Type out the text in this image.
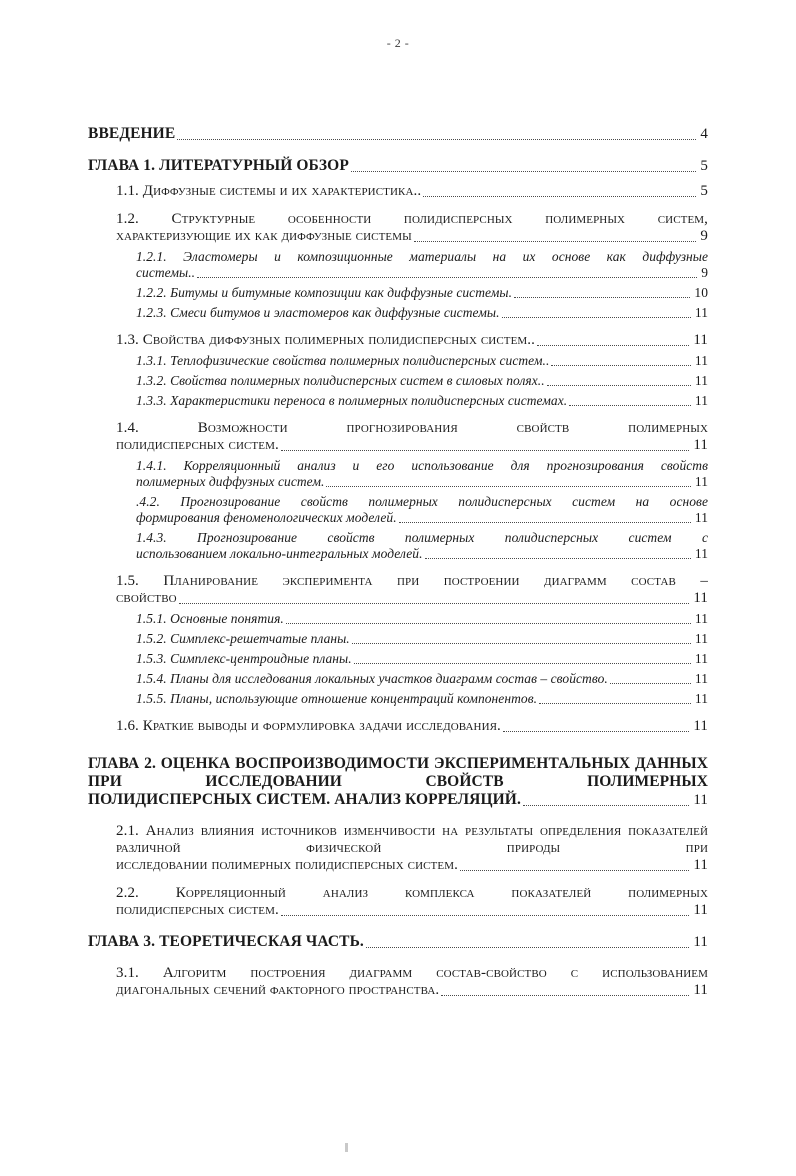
- 2 -
ВВЕДЕНИЕ	4
ГЛАВА 1. ЛИТЕРАТУРНЫЙ ОБЗОР	5
1.1. Диффузные системы и их характеристика..	5
1.2. Структурные особенности полидисперсных полимерных систем,
характеризующие их как диффузные системы	9
1.2.1. Эластомеры и композиционные материалы на их основе как диффузные
системы..	9
1.2.2. Битумы и битумные композиции как диффузные системы.	10
1.2.3. Смеси битумов и эластомеров как диффузные системы.	11
1.3. Свойства диффузных полимерных полидисперсных систем..	11
1.3.1. Теплофизические свойства полимерных полидисперсных систем..	11
1.3.2. Свойства полимерных полидисперсных систем в силовых полях..	11
1.3.3. Характеристики переноса в полимерных полидисперсных системах.	11
1.4. Возможности прогнозирования свойств полимерных
полидисперсных систем.	11
1.4.1. Корреляционный анализ и его использование для прогнозирования свойств
полимерных диффузных систем.	11
.4.2. Прогнозирование свойств полимерных полидисперсных систем на основе
формирования феноменологических моделей.	11
1.4.3. Прогнозирование свойств полимерных полидисперсных систем с
использованием локально-интегральных моделей.	11
1.5. Планирование эксперимента при построении диаграмм состав –
свойство	11
1.5.1. Основные понятия.	11
1.5.2. Симплекс-решетчатые планы.	11
1.5.3. Симплекс-центроидные планы.	11
1.5.4. Планы для исследования локальных участков диаграмм состав – свойство.	11
1.5.5. Планы, использующие отношение концентраций компонентов.	11
1.6. Краткие выводы и формулировка задачи исследования.	11
ГЛАВА 2. ОЦЕНКА ВОСПРОИЗВОДИМОСТИ ЭКСПЕРИМЕНТАЛЬНЫХ ДАННЫХ ПРИ ИССЛЕДОВАНИИ СВОЙСТВ ПОЛИМЕРНЫХ
ПОЛИДИСПЕРСНЫХ СИСТЕМ. АНАЛИЗ КОРРЕЛЯЦИЙ.	11
2.1. Анализ влияния источников изменчивости на результаты определения показателей различной физической природы при
исследовании полимерных полидисперсных систем.	11
2.2. Корреляционный анализ комплекса показателей полимерных
полидисперсных систем.	11
ГЛАВА 3. ТЕОРЕТИЧЕСКАЯ ЧАСТЬ.	11
3.1. Алгоритм построения диаграмм состав-свойство с использованием
диагональных сечений факторного пространства.	11
